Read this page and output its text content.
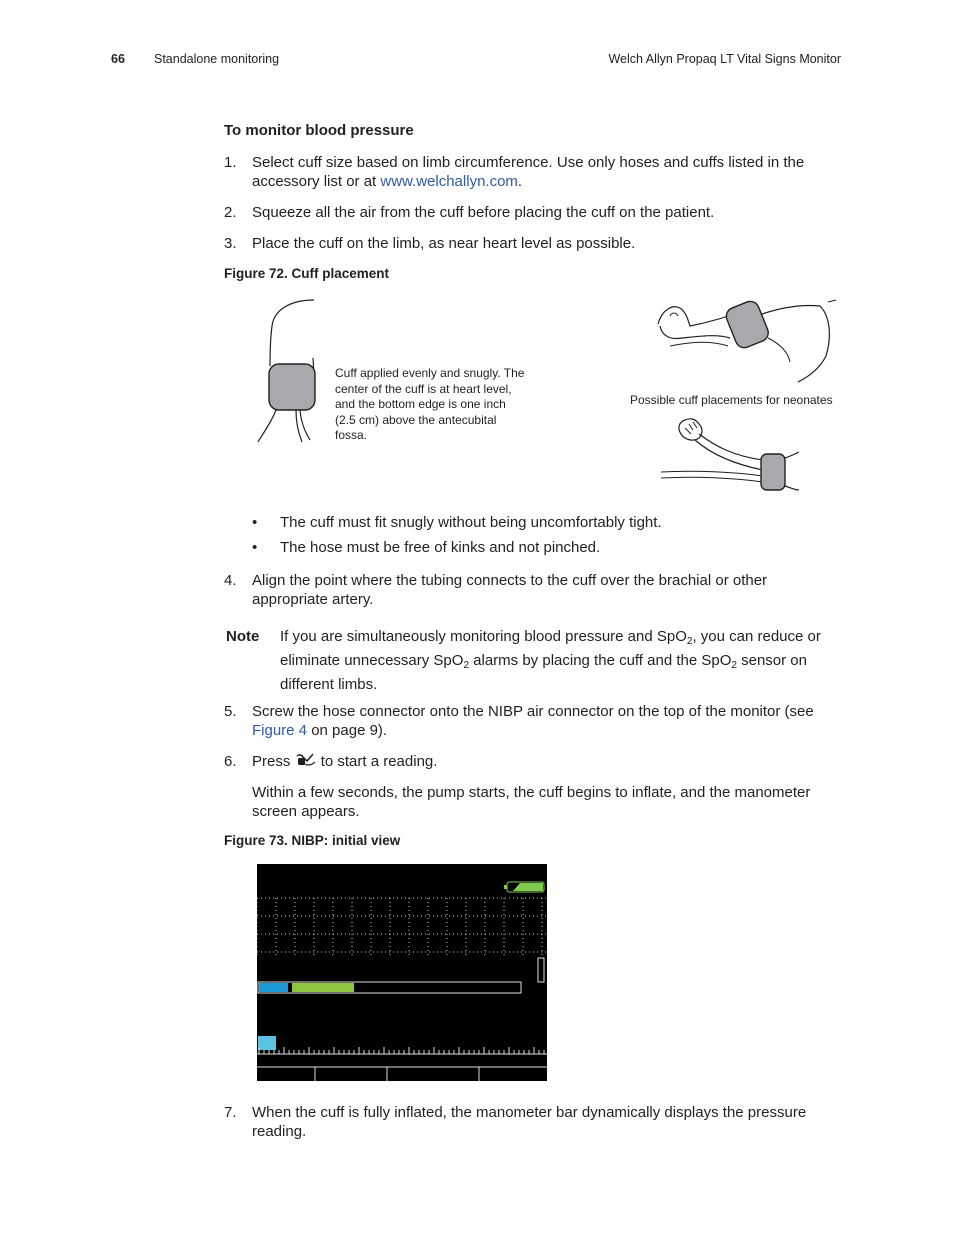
66 Standalone monitoring	Welch Allyn Propaq LT Vital Signs Monitor
To monitor blood pressure
1. Select cuff size based on limb circumference. Use only hoses and cuffs listed in the accessory list or at www.welchallyn.com.
2. Squeeze all the air from the cuff before placing the cuff on the patient.
3. Place the cuff on the limb, as near heart level as possible.
Figure 72. Cuff placement
Cuff applied evenly and snugly. The center of the cuff is at heart level, and the bottom edge is one inch (2.5 cm) above the antecubital fossa.
Possible cuff placements for neonates
• The cuff must fit snugly without being uncomfortably tight.
• The hose must be free of kinks and not pinched.
4. Align the point where the tubing connects to the cuff over the brachial or other appropriate artery.
Note If you are simultaneously monitoring blood pressure and SpO$_2$, you can reduce or eliminate unnecessary SpO$_2$ alarms by placing the cuff and the SpO$_2$ sensor on different limbs.
5. Screw the hose connector onto the NIBP air connector on the top of the monitor (see Figure 4 on page 9).
6. Press to start a reading.
Within a few seconds, the pump starts, the cuff begins to inflate, and the manometer screen appears.
Figure 73. NIBP: initial view
7. When the cuff is fully inflated, the manometer bar dynamically displays the pressure reading.
